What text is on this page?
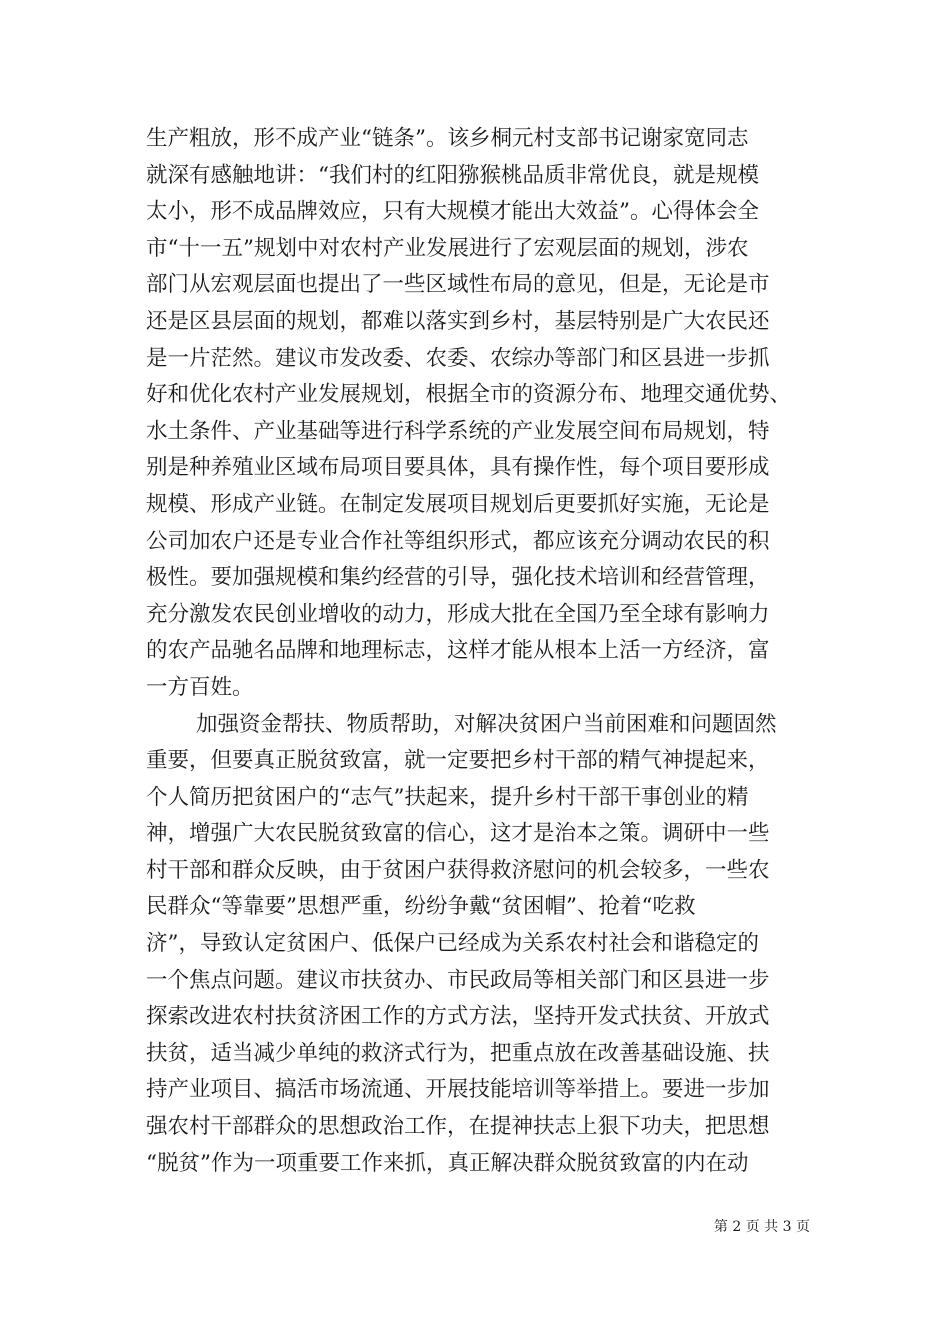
生产粗放，形不成产业“链条”。该乡桐元村支部书记谢家宽同志
就深有感触地讲：“我们村的红阳猕猴桃品质非常优良，就是规模
太小，形不成品牌效应，只有大规模才能出大效益”。心得体会全
市“十一五”规划中对农村产业发展进行了宏观层面的规划，涉农
部门从宏观层面也提出了一些区域性布局的意见，但是，无论是市
还是区县层面的规划，都难以落实到乡村，基层特别是广大农民还
是一片茫然。建议市发改委、农委、农综办等部门和区县进一步抓
好和优化农村产业发展规划，根据全市的资源分布、地理交通优势、
水土条件、产业基础等进行科学系统的产业发展空间布局规划，特
别是种养殖业区域布局项目要具体，具有操作性，每个项目要形成
规模、形成产业链。在制定发展项目规划后更要抓好实施，无论是
公司加农户还是专业合作社等组织形式，都应该充分调动农民的积
极性。要加强规模和集约经营的引导，强化技术培训和经营管理，
充分激发农民创业增收的动力，形成大批在全国乃至全球有影响力
的农产品驰名品牌和地理标志，这样才能从根本上活一方经济，富
一方百姓。
加强资金帮扶、物质帮助，对解决贫困户当前困难和问题固然
重要，但要真正脱贫致富，就一定要把乡村干部的精气神提起来，
个人简历把贫困户的“志气”扶起来，提升乡村干部干事创业的精
神，增强广大农民脱贫致富的信心，这才是治本之策。调研中一些
村干部和群众反映，由于贫困户获得救济慰问的机会较多，一些农
民群众“等靠要”思想严重，纷纷争戴“贫困帽”、抢着“吃救
济”，导致认定贫困户、低保户已经成为关系农村社会和谐稳定的
一个焦点问题。建议市扶贫办、市民政局等相关部门和区县进一步
探索改进农村扶贫济困工作的方式方法，坚持开发式扶贫、开放式
扶贫，适当减少单纯的救济式行为，把重点放在改善基础设施、扶
持产业项目、搞活市场流通、开展技能培训等举措上。要进一步加
强农村干部群众的思想政治工作，在提神扶志上狠下功夫，把思想
“脱贫”作为一项重要工作来抓，真正解决群众脱贫致富的内在动
第 2 页 共 3 页
